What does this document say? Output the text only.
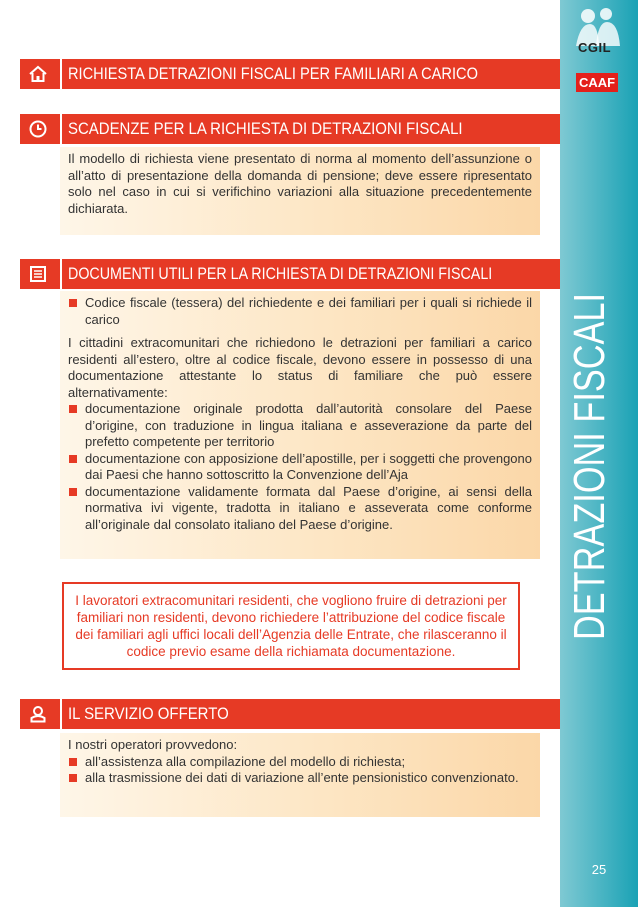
CGIL
CAAF
DETRAZIONI FISCALI
25
RICHIESTA DETRAZIONI FISCALI PER FAMILIARI A CARICO
SCADENZE PER LA RICHIESTA DI DETRAZIONI FISCALI

Il modello di richiesta viene presentato di norma al momento dell’assunzione o all’atto di presentazione della domanda di pensione; deve essere ripresentato solo nel caso in cui si verifichino variazioni alla situazione precedentemente dichiarata.

DOCUMENTI UTILI PER LA RICHIESTA DI DETRAZIONI FISCALI

Codice fiscale (tessera) del richiedente e dei familiari per i quali si richiede il carico

I cittadini extracomunitari che richiedono le detrazioni per familiari a carico residenti all’estero, oltre al codice fiscale, devono essere in possesso di una documentazione attestante lo status di familiare che può essere alternativamente:

documentazione originale prodotta dall’autorità consolare del Paese d’origine, con traduzione in lingua italiana e asseverazione da parte del prefetto competente per territorio

documentazione con apposizione dell’apostille, per i soggetti che provengono dai Paesi che hanno sottoscritto la Convenzione dell’Aja

documentazione validamente formata dal Paese d’origine, ai sensi della normativa ivi vigente, tradotta in italiano e asseverata come conforme all’originale dal consolato italiano del Paese d’origine.

I lavoratori extracomunitari residenti, che vogliono fruire di detrazioni per familiari non residenti, devono richiedere l’attribuzione del codice fiscale dei familiari agli uffici locali dell’Agenzia delle Entrate, che rilasceranno il codice previo esame della richiamata documentazione.

IL SERVIZIO OFFERTO

I nostri operatori provvedono:

all’assistenza alla compilazione del modello di richiesta;

alla trasmissione dei dati di variazione all’ente pensionistico convenzionato.
